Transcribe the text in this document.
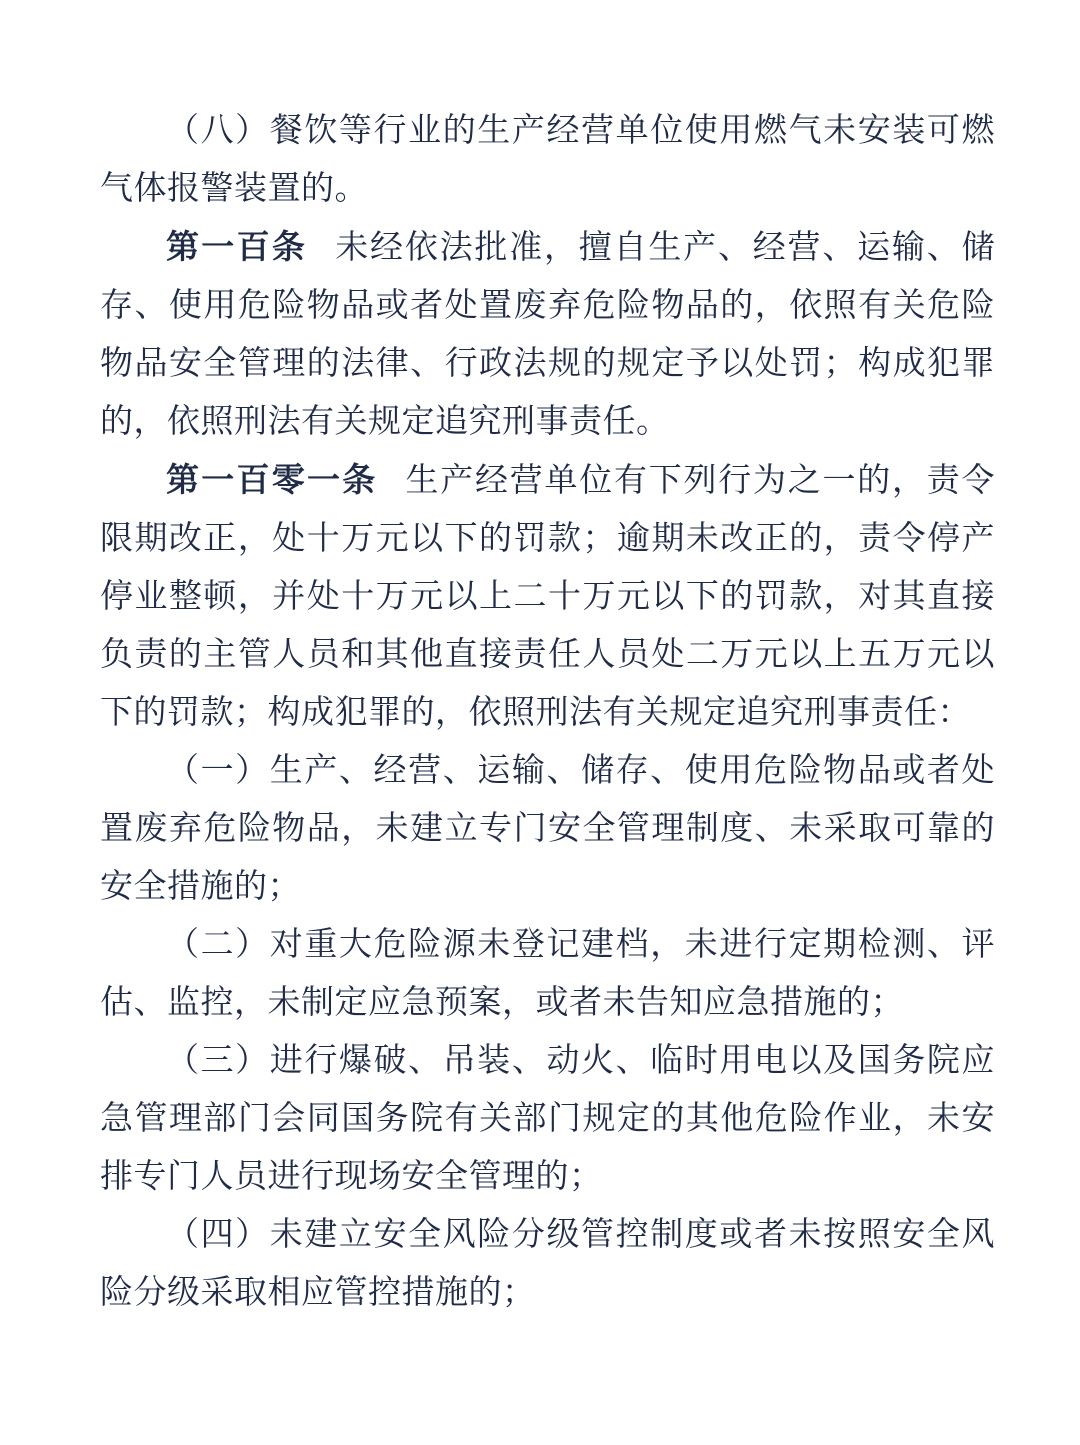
（八）餐饮等行业的生产经营单位使用燃气未安装可燃气体报警装置的。

第一百条 未经依法批准，擅自生产、经营、运输、储存、使用危险物品或者处置废弃危险物品的，依照有关危险物品安全管理的法律、行政法规的规定予以处罚；构成犯罪的，依照刑法有关规定追究刑事责任。

第一百零一条 生产经营单位有下列行为之一的，责令限期改正，处十万元以下的罚款；逾期未改正的，责令停产停业整顿，并处十万元以上二十万元以下的罚款，对其直接负责的主管人员和其他直接责任人员处二万元以上五万元以下的罚款；构成犯罪的，依照刑法有关规定追究刑事责任：

（一）生产、经营、运输、储存、使用危险物品或者处置废弃危险物品，未建立专门安全管理制度、未采取可靠的安全措施的；

（二）对重大危险源未登记建档，未进行定期检测、评估、监控，未制定应急预案，或者未告知应急措施的；

（三）进行爆破、吊装、动火、临时用电以及国务院应急管理部门会同国务院有关部门规定的其他危险作业，未安排专门人员进行现场安全管理的；

（四）未建立安全风险分级管控制度或者未按照安全风险分级采取相应管控措施的；
